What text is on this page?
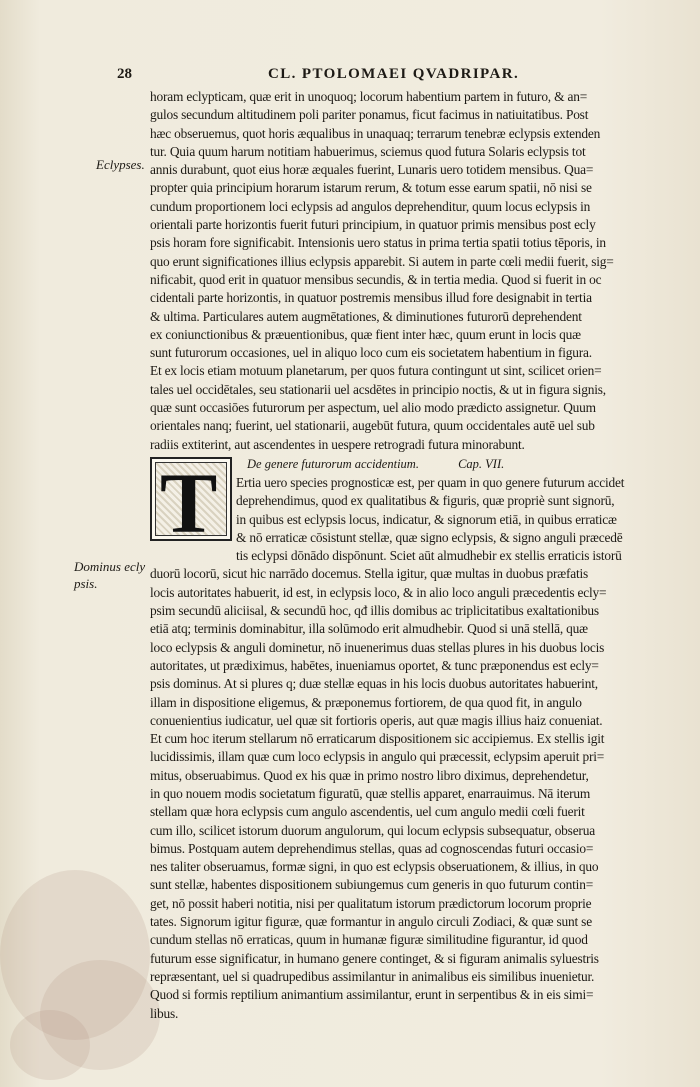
28	CL. PTOLOMAEI QVADRIPAR.
Eclypses.
Dominus ecly
psis.
T
horam eclypticam, quæ erit in unoquoq; locorum habentium partem in futuro, & an=
gulos secundum altitudinem poli pariter ponamus, ficut facimus in natiuitatibus. Post
hæc obseruemus, quot horis æqualibus in unaquaq; terrarum tenebræ eclypsis extenden
tur. Quia quum harum notitiam habuerimus, sciemus quod futura Solaris eclypsis tot
annis durabunt, quot eius horæ æquales fuerint, Lunaris uero totidem mensibus. Qua=
propter quia principium horarum istarum rerum, & totum esse earum spatii, nō nisi se
cundum proportionem loci eclypsis ad angulos deprehenditur, quum locus eclypsis in
orientali parte horizontis fuerit futuri principium, in quatuor primis mensibus post ecly
psis horam fore significabit. Intensionis uero status in prima tertia spatii totius tēporis, in
quo erunt significationes illius eclypsis apparebit. Si autem in parte cœli medii fuerit, sig=
nificabit, quod erit in quatuor mensibus secundis, & in tertia media. Quod si fuerit in oc
cidentali parte horizontis, in quatuor postremis mensibus illud fore designabit in tertia
& ultima. Particulares autem augmētationes, & diminutiones futurorū deprehendent
ex coniunctionibus & præuentionibus, quæ fient inter hæc, quum erunt in locis quæ
sunt futurorum occasiones, uel in aliquo loco cum eis societatem habentium in figura.
Et ex locis etiam motuum planetarum, per quos futura contingunt ut sint, scilicet orien=
tales uel occidētales, seu stationarii uel acsdētes in principio noctis, & ut in figura signis,
quæ sunt occasiōes futurorum per aspectum, uel alio modo prædicto assignetur. Quum
orientales nanq; fuerint, uel stationarii, augebūt futura, quum occidentales autē uel sub
radiis extiterint, aut ascendentes in uespere retrogradi futura minorabunt.
De genere futurorum accidentium.	Cap. VII.
Ertia uero species prognosticæ est, per quam in quo genere futurum accidet
deprehendimus, quod ex qualitatibus & figuris, quæ propriè sunt signorū,
in quibus est eclypsis locus, indicatur, & signorum etiā, in quibus erraticæ
& nō erraticæ cōsistunt stellæ, quæ signo eclypsis, & signo anguli præcedē
tis eclypsi dōnādo dispōnunt. Sciet aūt almudhebir ex stellis erraticis istorū
duorū locorū, sicut hic narrādo docemus. Stella igitur, quæ multas in duobus præfatis
locis autoritates habuerit, id est, in eclypsis loco, & in alio loco anguli præcedentis ecly=
psim secundū aliciisal, & secundū hoc, qđ illis domibus ac triplicitatibus exaltationibus
etiā atq; terminis dominabitur, illa solūmodo erit almudhebir. Quod si unā stellā, quæ
loco eclypsis & anguli dominetur, nō inuenerimus duas stellas plures in his duobus locis
autoritates, ut prædiximus, habētes, inueniamus oportet, & tunc præponendus est ecly=
psis dominus. At si plures q; duæ stellæ equas in his locis duobus autoritates habuerint,
illam in dispositione eligemus, & præponemus fortiorem, de qua quod fit, in angulo
conuenientius iudicatur, uel quæ sit fortioris operis, aut quæ magis illius haiz conueniat.
Et cum hoc iterum stellarum nō erraticarum dispositionem sic accipiemus. Ex stellis igit
lucidissimis, illam quæ cum loco eclypsis in angulo qui præcessit, eclypsim aperuit pri=
mitus, obseruabimus. Quod ex his quæ in primo nostro libro diximus, deprehendetur,
in quo nouem modis societatum figuratū, quæ stellis apparet, enarrauimus. Nā iterum
stellam quæ hora eclypsis cum angulo ascendentis, uel cum angulo medii cœli fuerit
cum illo, scilicet istorum duorum angulorum, qui locum eclypsis subsequatur, obserua
bimus. Postquam autem deprehendimus stellas, quas ad cognoscendas futuri occasio=
nes taliter obseruamus, formæ signi, in quo est eclypsis obseruationem, & illius, in quo
sunt stellæ, habentes dispositionem subiungemus cum generis in quo futurum contin=
get, nō possit haberi notitia, nisi per qualitatum istorum prædictorum locorum proprie
tates. Signorum igitur figuræ, quæ formantur in angulo circuli Zodiaci, & quæ sunt se
cundum stellas nō erraticas, quum in humanæ figuræ similitudine figurantur, id quod
futurum esse significatur, in humano genere continget, & si figuram animalis syluestris
repræsentant, uel si quadrupedibus assimilantur in animalibus eis similibus inuenietur.
Quod si formis reptilium animantium assimilantur, erunt in serpentibus & in eis simi=
libus.
